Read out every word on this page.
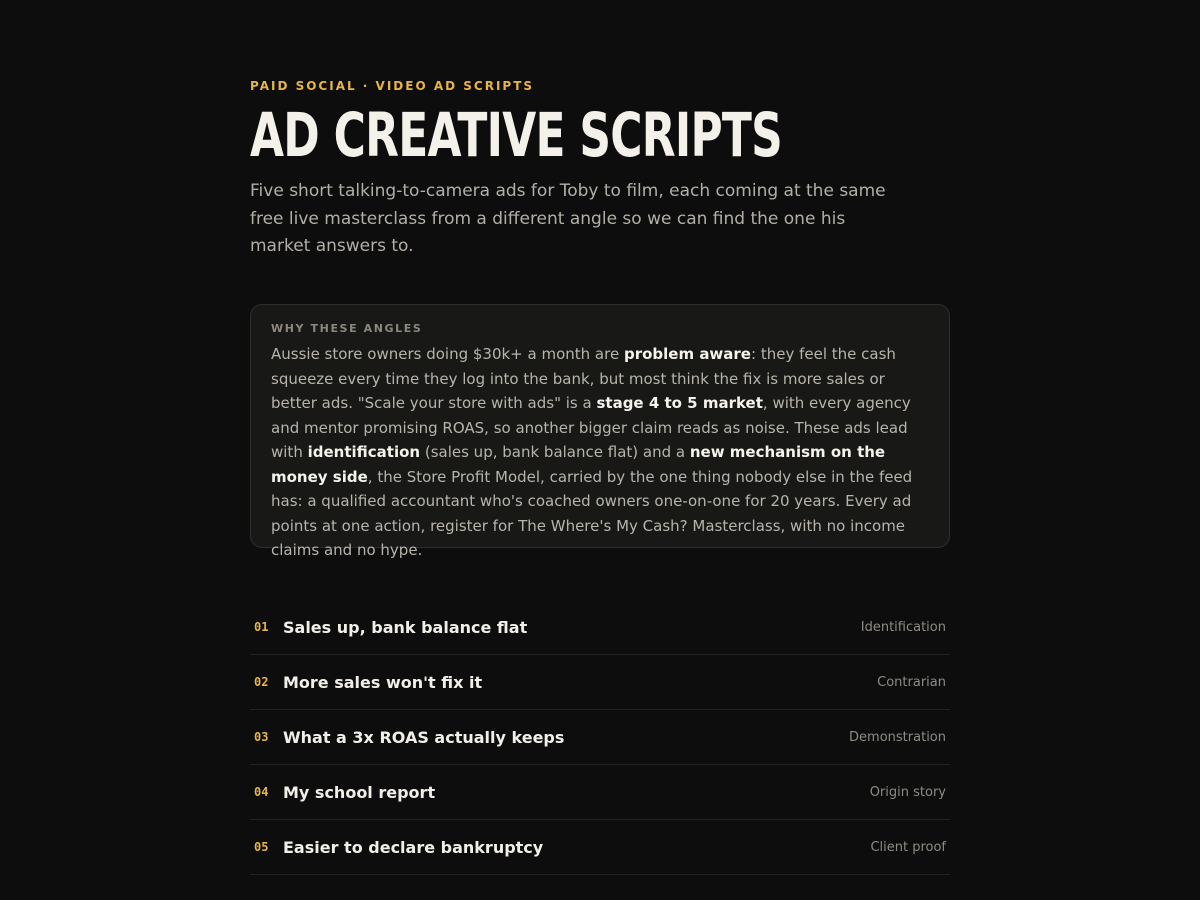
PAID SOCIAL · VIDEO AD SCRIPTS
AD CREATIVE SCRIPTS
Five short talking-to-camera ads for Toby to film, each coming at the same free live masterclass from a different angle so we can find the one his market answers to.
WHY THESE ANGLES
Aussie store owners doing $30k+ a month are problem aware: they feel the cash squeeze every time they log into the bank, but most think the fix is more sales or better ads. "Scale your store with ads" is a stage 4 to 5 market, with every agency and mentor promising ROAS, so another bigger claim reads as noise. These ads lead with identification (sales up, bank balance flat) and a new mechanism on the money side, the Store Profit Model, carried by the one thing nobody else in the feed has: a qualified accountant who's coached owners one-on-one for 20 years. Every ad points at one action, register for The Where's My Cash? Masterclass, with no income claims and no hype.
01 Sales up, bank balance flat	Identification
02 More sales won't fix it	Contrarian
03 What a 3x ROAS actually keeps	Demonstration
04 My school report	Origin story
05 Easier to declare bankruptcy	Client proof
